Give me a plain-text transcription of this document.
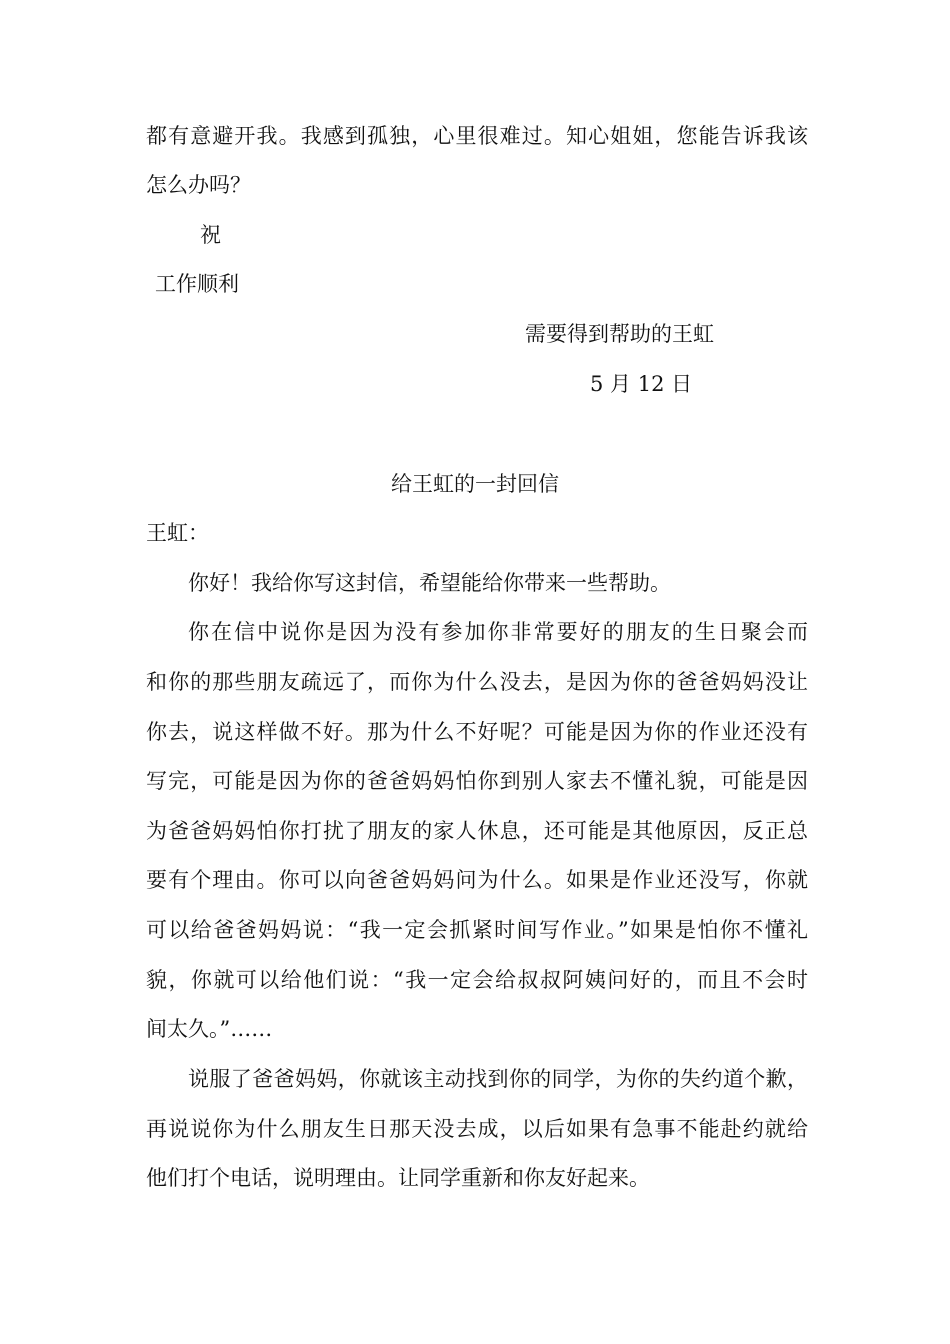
都有意避开我。我感到孤独，心里很难过。知心姐姐，您能告诉我该
怎么办吗？
祝
工作顺利
需要得到帮助的王虹
5 月 12 日
给王虹的一封回信
王虹：
你好！我给你写这封信，希望能给你带来一些帮助。
你在信中说你是因为没有参加你非常要好的朋友的生日聚会而
和你的那些朋友疏远了，而你为什么没去，是因为你的爸爸妈妈没让
你去，说这样做不好。那为什么不好呢？可能是因为你的作业还没有
写完，可能是因为你的爸爸妈妈怕你到别人家去不懂礼貌，可能是因
为爸爸妈妈怕你打扰了朋友的家人休息，还可能是其他原因，反正总
要有个理由。你可以向爸爸妈妈问为什么。如果是作业还没写，你就
可以给爸爸妈妈说：“我一定会抓紧时间写作业。”如果是怕你不懂礼
貌，你就可以给他们说：“我一定会给叔叔阿姨问好的，而且不会时
间太久。”……
说服了爸爸妈妈，你就该主动找到你的同学，为你的失约道个歉，
再说说你为什么朋友生日那天没去成，以后如果有急事不能赴约就给
他们打个电话，说明理由。让同学重新和你友好起来。
